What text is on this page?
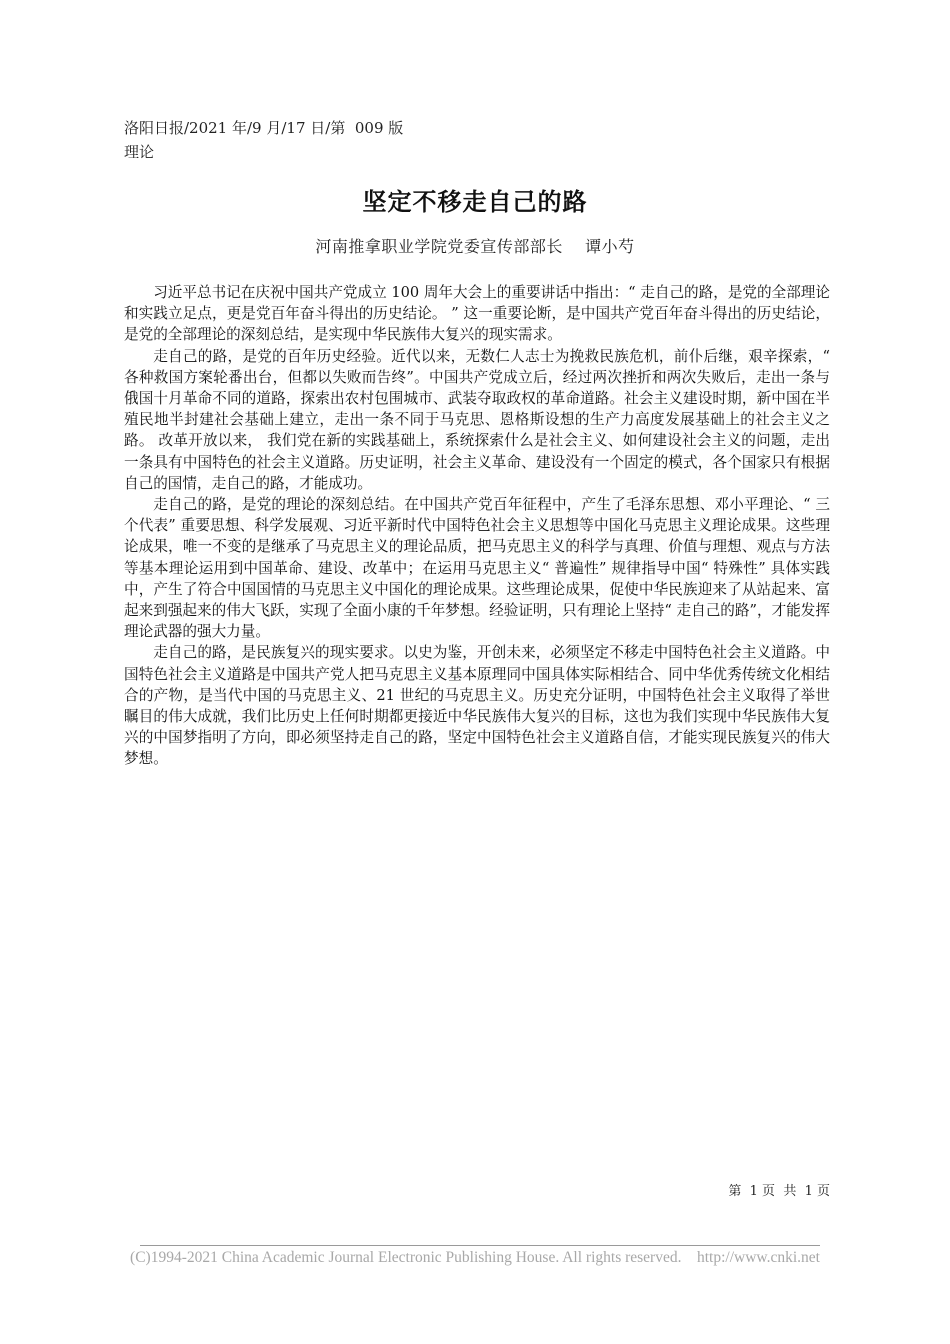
洛阳日报/2021 年/9 月/17 日/第  009 版理论
坚定不移走自己的路
河南推拿职业学院党委宣传部部长    谭小芍

习近平总书记在庆祝中国共产党成立 100 周年大会上的重要讲话中指出：“ 走自己的路，是党的全部理论和实践立足点，更是党百年奋斗得出的历史结论。 ” 这一重要论断，是中国共产党百年奋斗得出的历史结论，是党的全部理论的深刻总结，是实现中华民族伟大复兴的现实需求。

走自己的路，是党的百年历史经验。近代以来，无数仁人志士为挽救民族危机，前仆后继，艰辛探索，“ 各种救国方案轮番出台，但都以失败而告终”。中国共产党成立后，经过两次挫折和两次失败后，走出一条与俄国十月革命不同的道路，探索出农村包围城市、武装夺取政权的革命道路。社会主义建设时期，新中国在半殖民地半封建社会基础上建立，走出一条不同于马克思、恩格斯设想的生产力高度发展基础上的社会主义之路。 改革开放以来， 我们党在新的实践基础上，系统探索什么是社会主义、如何建设社会主义的问题，走出一条具有中国特色的社会主义道路。历史证明，社会主义革命、建设没有一个固定的模式，各个国家只有根据自己的国情，走自己的路，才能成功。

走自己的路，是党的理论的深刻总结。在中国共产党百年征程中，产生了毛泽东思想、邓小平理论、“ 三个代表” 重要思想、科学发展观、习近平新时代中国特色社会主义思想等中国化马克思主义理论成果。这些理论成果，唯一不变的是继承了马克思主义的理论品质，把马克思主义的科学与真理、价值与理想、观点与方法等基本理论运用到中国革命、建设、改革中；在运用马克思主义“ 普遍性” 规律指导中国“ 特殊性” 具体实践中，产生了符合中国国情的马克思主义中国化的理论成果。这些理论成果，促使中华民族迎来了从站起来、富起来到强起来的伟大飞跃，实现了全面小康的千年梦想。经验证明，只有理论上坚持“ 走自己的路”，才能发挥理论武器的强大力量。

走自己的路，是民族复兴的现实要求。以史为鉴，开创未来，必须坚定不移走中国特色社会主义道路。中国特色社会主义道路是中国共产党人把马克思主义基本原理同中国具体实际相结合、同中华优秀传统文化相结合的产物，是当代中国的马克思主义、21 世纪的马克思主义。历史充分证明，中国特色社会主义取得了举世瞩目的伟大成就，我们比历史上任何时期都更接近中华民族伟大复兴的目标，这也为我们实现中华民族伟大复兴的中国梦指明了方向，即必须坚持走自己的路，坚定中国特色社会主义道路自信，才能实现民族复兴的伟大梦想。

第  1 页  共  1 页
(C)1994-2021 China Academic Journal Electronic Publishing House. All rights reserved.    http://www.cnki.net
